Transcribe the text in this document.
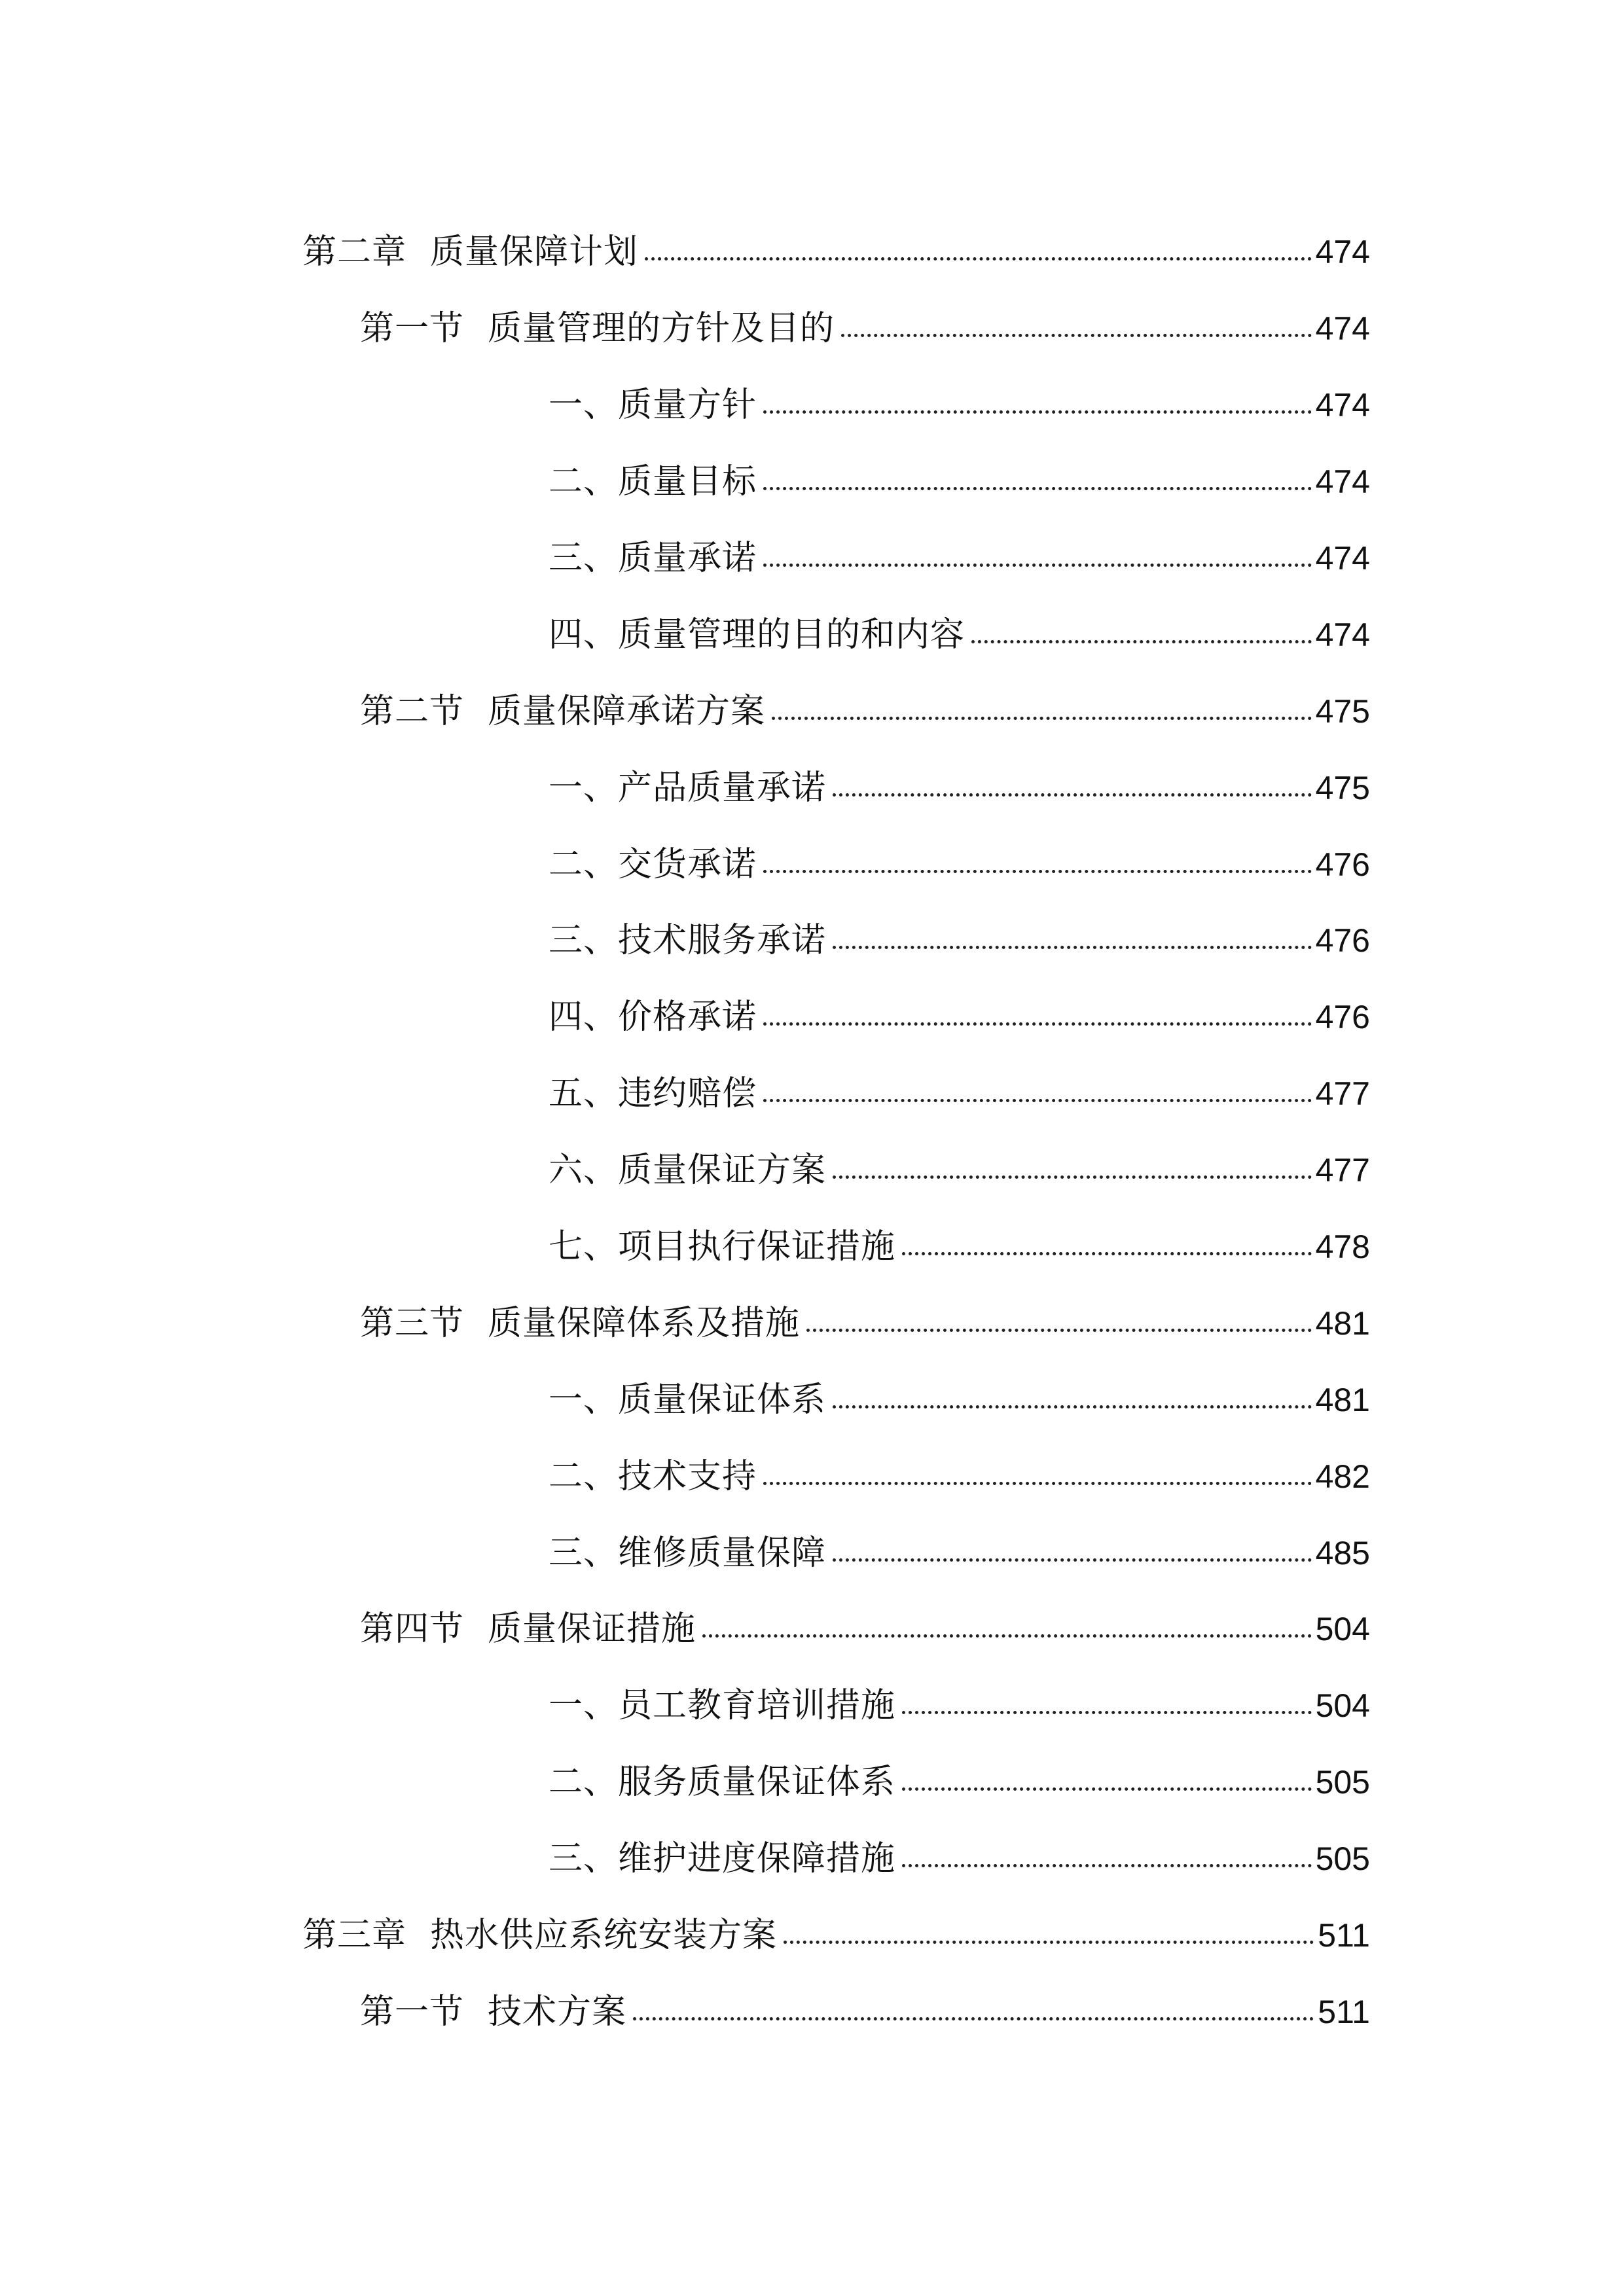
第二章 质量保障计划	474
第一节 质量管理的方针及目的	474
一、质量方针	474
二、质量目标	474
三、质量承诺	474
四、质量管理的目的和内容	474
第二节 质量保障承诺方案	475
一、产品质量承诺	475
二、交货承诺	476
三、技术服务承诺	476
四、价格承诺	476
五、违约赔偿	477
六、质量保证方案	477
七、项目执行保证措施	478
第三节 质量保障体系及措施	481
一、质量保证体系	481
二、技术支持	482
三、维修质量保障	485
第四节 质量保证措施	504
一、员工教育培训措施	504
二、服务质量保证体系	505
三、维护进度保障措施	505
第三章 热水供应系统安装方案	511
第一节 技术方案	511
